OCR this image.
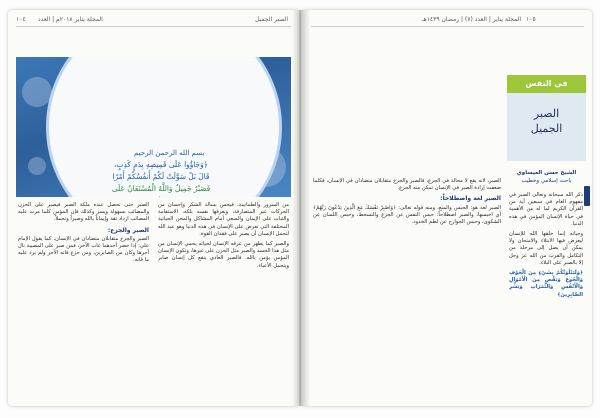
١٠٤ المجلة يناير ٢٠١٨م | العدد	الصبر الجميل
بسم الله الرحمن الرحيم
﴿وَجَاؤُوا عَلَى قَمِيصِهِ بِدَمٍ كَذِبٍ،
قَالَ بَلْ سَوَّلَتْ لَكُمْ أَنفُسُكُمْ أَمْرًا
فَصَبْرٌ جَمِيلٌ وَاللَّهُ الْمُسْتَعَانُ عَلَى

من السرور والطمأنينة، فيحس بسالة الشكر وإحسان من الحركات غير المتصارفة، ويعرفها نفسه بلكه، الاستقامة والثبات على الإيمان والسعي أمام المشاكل والمحن الحياتية المختلفة التي تعرض على الإنسان في هذه الدنيا وهو عبد الله لتحمل الإنسان أن يصبر على فقدان القوة.

والصبر كما يظهر من عرفه الإنسان لحياته يحمي الإنسان من مثل هذا الحسد والصبر مثل الحزن على غيرها، وتكون الإنسان المؤمن يؤمن بالله. فالصبر العادي ينفع كل إنسان صابر ويتحمل الأعباء.

الصبر حتى تحصل عنده ملكة الصبر فيصبر على الحزن والمصائب بسهولة ويسر وكذلك فإن المؤمن كلما مرت عليه المصائب ازداد ثقة وإيماناً بالله وصبراً وتحملاً.

الصبر والجزع:

الصبر والجزع متقابلان متضادان في الإنسان، كما يقول الإمام علي: إذا حضر أحدهما غاب الآخر، فمن صبر على المصيبة نال أجرها وكان من الصابرين، ومن جزع فاته الأجر ولم يرد عليه ما فاته.

١٠٥
المجلة يناير | العدد (٧) | رمضان ١٤٣٩هـ
في النفس
الصبر
الجميل
الشيخ حسن العيساوي
باحث إسلامي وخطيب

ذكر الله سبحانه وتعالى الصبر في مفهوم العام في سبعين آية من القرآن الكريم لما له من الأهمية في حياة الإنسان المؤمن في هذه الدنيا.

وحياته إنما خلقها الله للإنسان ليعرض فيها الابتلاء والامتحان ولا يمكن أن يصل إلى مرحلة من التكامل والقرب من الله عز وجل إلا بالصبر على البلاء.

﴿وَلَنَبْلُوَنَّكُمْ بِشَيْءٍ مِنَ الْخَوْفِ وَالْجُوعِ وَنَقْصٍ مِنَ الْأَمْوَالِ وَالْأَنْفُسِ وَالثَّمَرَاتِ وَبَشِّرِ الصَّابِرِينَ﴾

الصبر، لأنه يقع لا محالة في الجزع، فالصبر والجزع متقابلان متضادان في الإنسان، فكلما ضعفت إرادة الصبر في الإنسان تمكن منه الجزع.

الصبر لغة واصطلاحاً:

الصبر لغة هو: الحبس والمنع، ومنه قوله تعالى: ﴿وَاصْبِرْ نَفْسَكَ مَعَ الَّذِينَ يَدْعُونَ رَبَّهُمْ﴾ أي احبسها، والصبر اصطلاحاً: حبس النفس عن الجزع والتسخط، وحبس اللسان عن الشكوى، وحبس الجوارح عن لطم الخدود.
